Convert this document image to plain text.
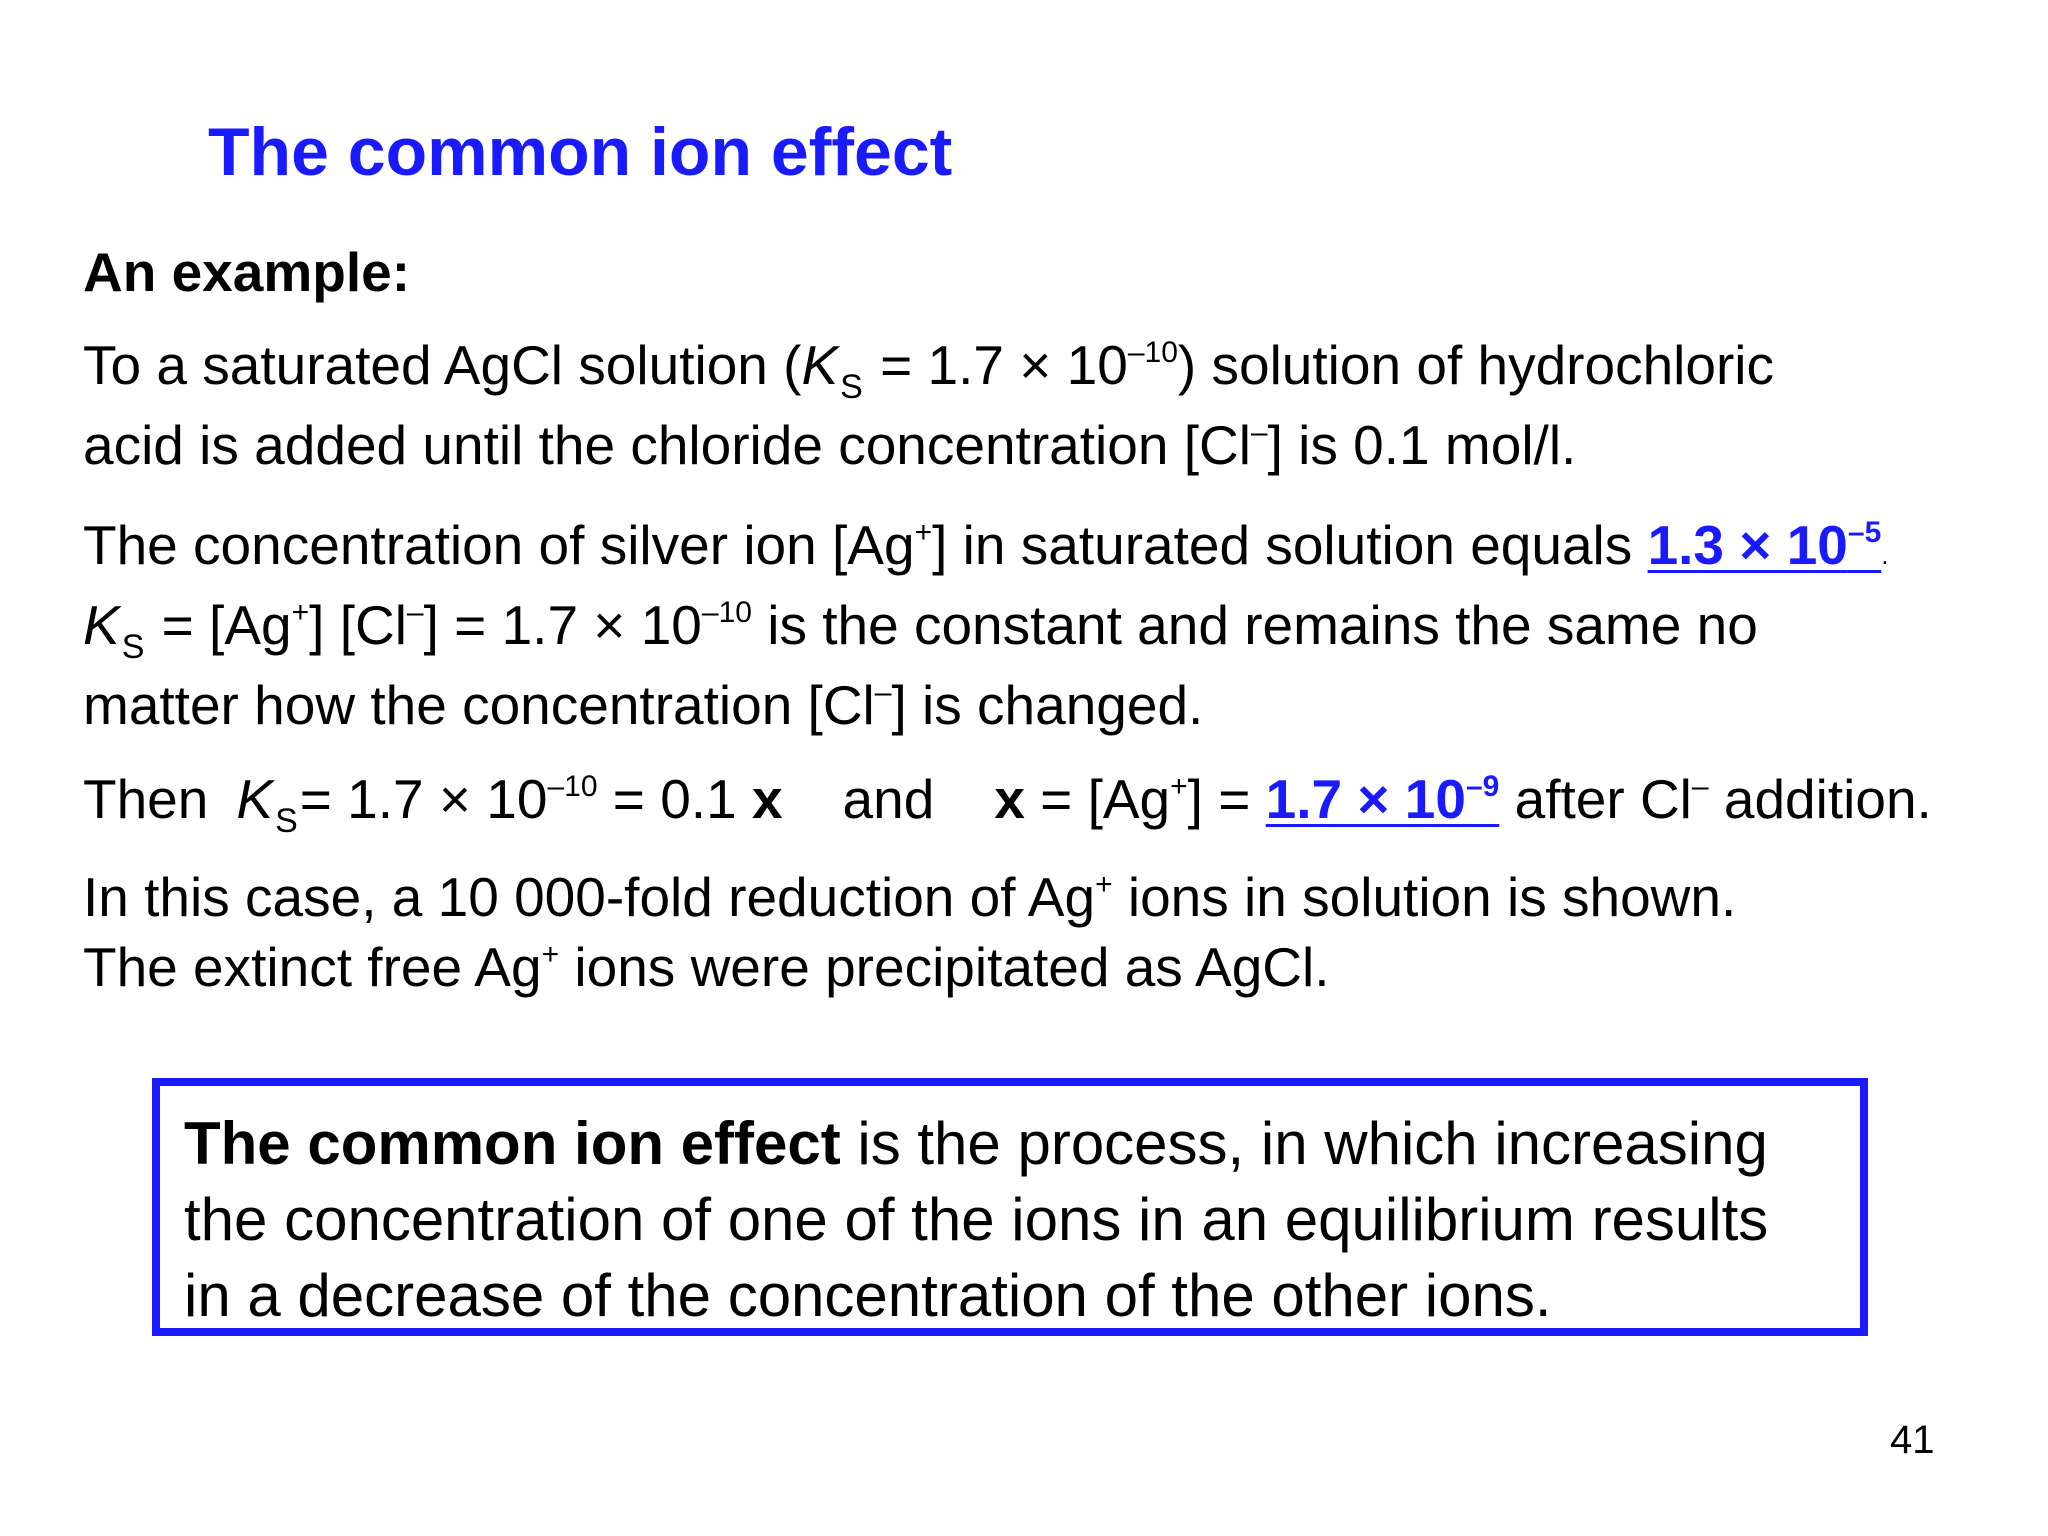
The common ion effect
An example:
To a saturated AgCl solution $(K_S = 1.7 \times 10^{-10})$ solution of hydrochloric
acid is added until the chloride concentration [Cl–] is 0.1 mol/l.
The concentration of silver ion [Ag+] in saturated solution equals $1.3 \times 10^{-5}$.
$K_S = [Ag^+] [Cl^-] = 1.7 \times 10^{-10}$ is the constant and remains the same no
matter how the concentration [Cl–] is changed.
Then $K_S= 1.7 \times 10^{-10} = 0.1$ x and $x = [Ag^+] = 1.7 \times 10^{-9}$ after Cl– addition.
In this case, a 10 000-fold reduction of Ag+ ions in solution is shown.
The extinct free Ag+ ions were precipitated as AgCl.
The common ion effect is the process, in which increasing
the concentration of one of the ions in an equilibrium results
in a decrease of the concentration of the other ions.
41
